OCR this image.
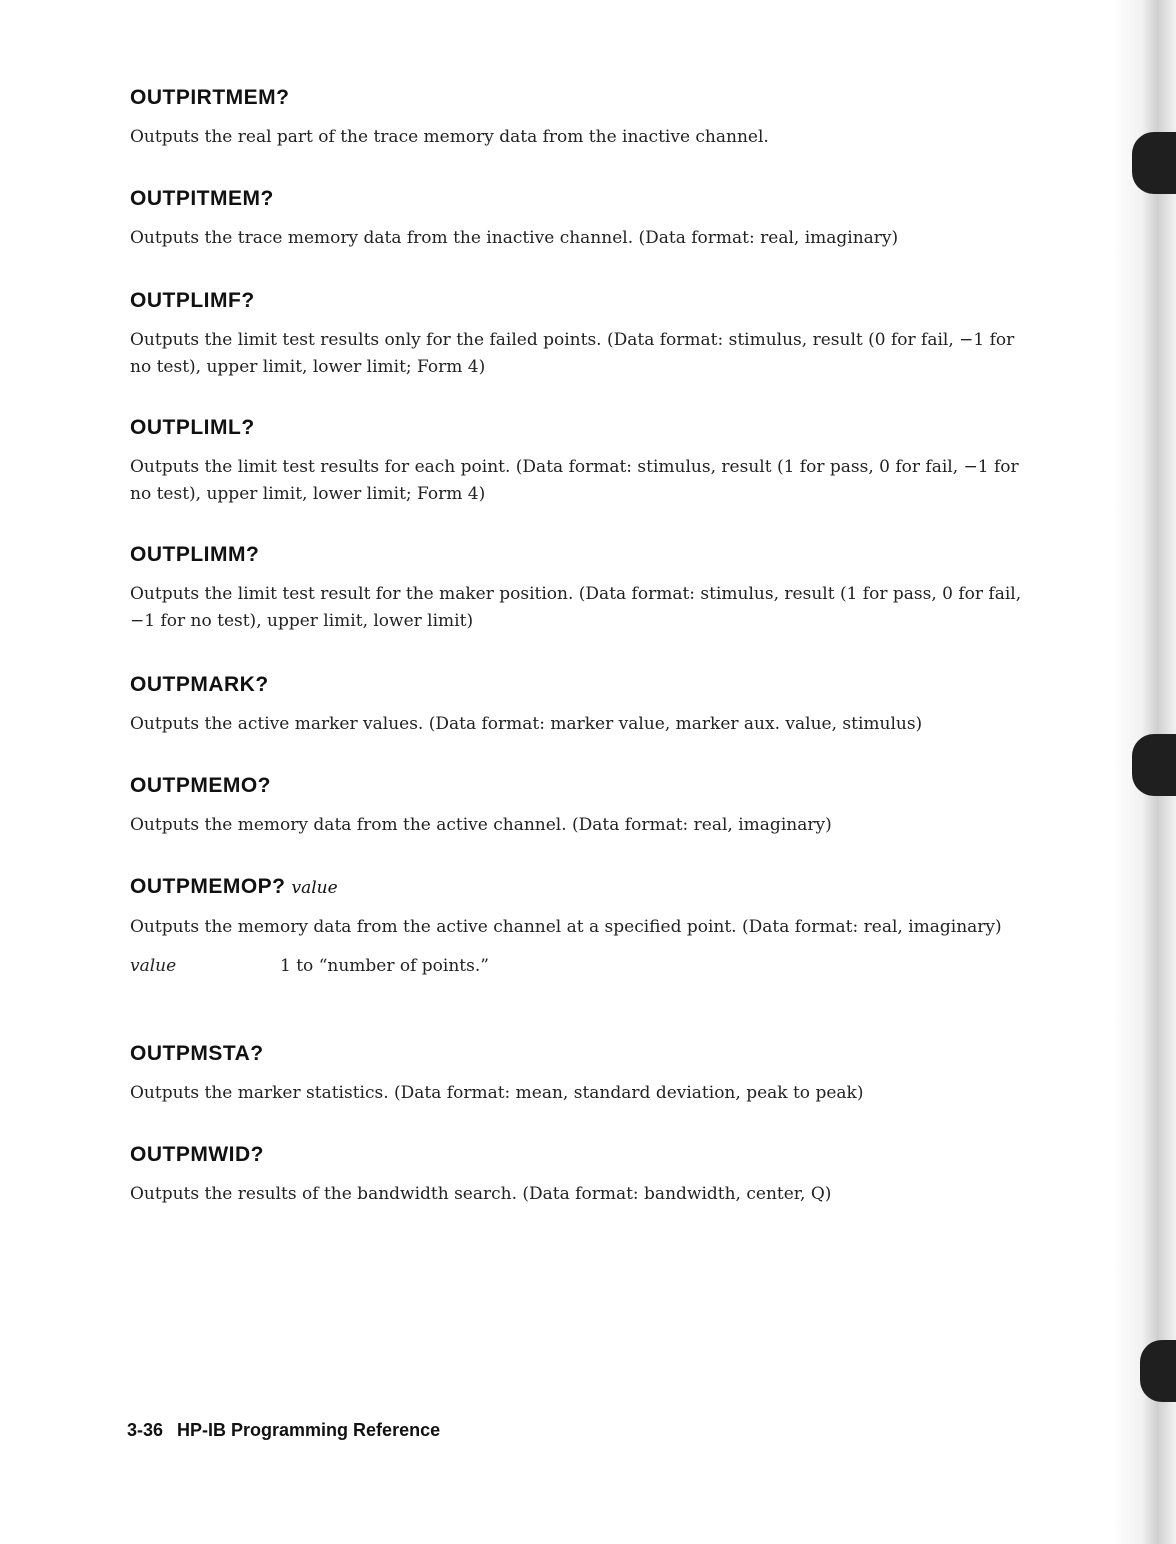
OUTPIRTMEM?

Outputs the real part of the trace memory data from the inactive channel.

OUTPITMEM?

Outputs the trace memory data from the inactive channel. (Data format: real, imaginary)

OUTPLIMF?

Outputs the limit test results only for the failed points. (Data format: stimulus, result (0 for fail, −1 for no test), upper limit, lower limit; Form 4)

OUTPLIML?

Outputs the limit test results for each point. (Data format: stimulus, result (1 for pass, 0 for fail, −1 for no test), upper limit, lower limit; Form 4)

OUTPLIMM?

Outputs the limit test result for the maker position. (Data format: stimulus, result (1 for pass, 0 for fail, −1 for no test), upper limit, lower limit)

OUTPMARK?

Outputs the active marker values. (Data format: marker value, marker aux. value, stimulus)

OUTPMEMO?

Outputs the memory data from the active channel. (Data format: real, imaginary)

OUTPMEMOP? value

Outputs the memory data from the active channel at a specified point. (Data format: real, imaginary)

value	1 to “number of points.”
OUTPMSTA?

Outputs the marker statistics. (Data format: mean, standard deviation, peak to peak)

OUTPMWID?

Outputs the results of the bandwidth search. (Data format: bandwidth, center, Q)

3-36 HP-IB Programming Reference
